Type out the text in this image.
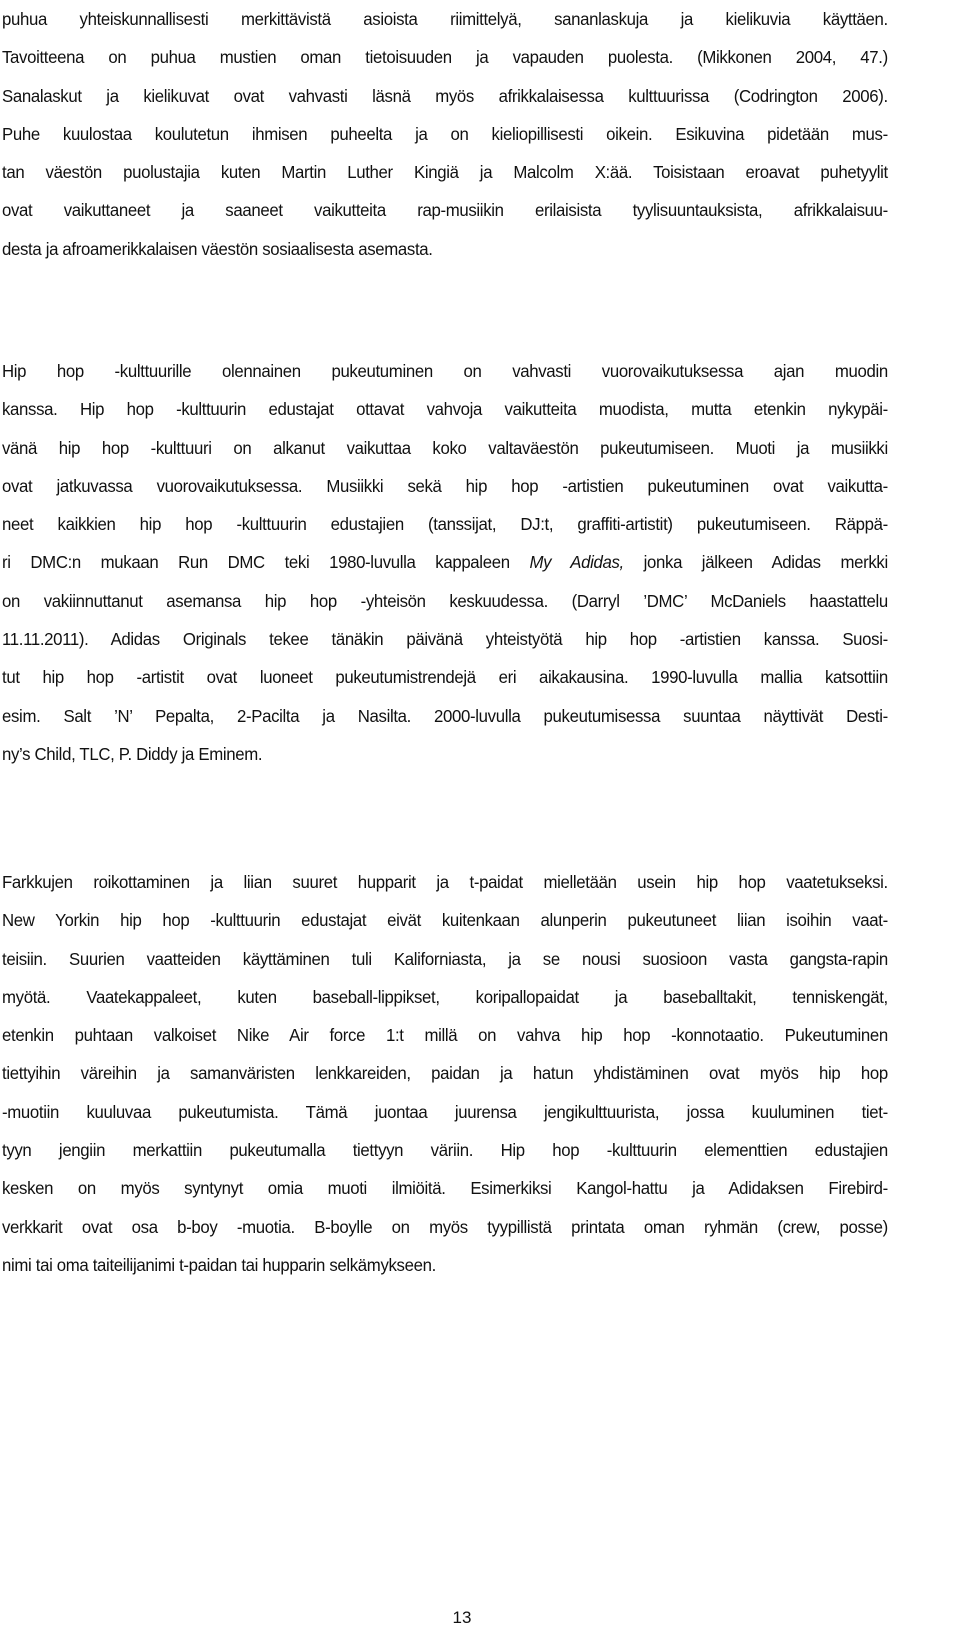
puhua yhteiskunnallisesti merkittävistä asioista riimittelyä, sananlaskuja ja kielikuvia käyttäen.
Tavoitteena on puhua mustien oman tietoisuuden ja vapauden puolesta. (Mikkonen 2004, 47.)
Sanalaskut ja kielikuvat ovat vahvasti läsnä myös afrikkalaisessa kulttuurissa (Codrington 2006).
Puhe kuulostaa koulutetun ihmisen puheelta ja on kieliopillisesti oikein. Esikuvina pidetään mus-
tan väestön puolustajia kuten Martin Luther Kingiä ja Malcolm X:ää. Toisistaan eroavat puhetyylit
ovat vaikuttaneet ja saaneet vaikutteita rap-musiikin erilaisista tyylisuuntauksista, afrikkalaisuu-
desta ja afroamerikkalaisen väestön sosiaalisesta asemasta.
Hip hop -kulttuurille olennainen pukeutuminen on vahvasti vuorovaikutuksessa ajan muodin
kanssa. Hip hop -kulttuurin edustajat ottavat vahvoja vaikutteita muodista, mutta etenkin nykypäi-
vänä hip hop -kulttuuri on alkanut vaikuttaa koko valtaväestön pukeutumiseen. Muoti ja musiikki
ovat jatkuvassa vuorovaikutuksessa. Musiikki sekä hip hop -artistien pukeutuminen ovat vaikutta-
neet kaikkien hip hop -kulttuurin edustajien (tanssijat, DJ:t, graffiti-artistit) pukeutumiseen. Räppä-
ri DMC:n mukaan Run DMC teki 1980-luvulla kappaleen My Adidas, jonka jälkeen Adidas merkki
on vakiinnuttanut asemansa hip hop -yhteisön keskuudessa. (Darryl ’DMC’ McDaniels haastattelu
11.11.2011). Adidas Originals tekee tänäkin päivänä yhteistyötä hip hop -artistien kanssa. Suosi-
tut hip hop -artistit ovat luoneet pukeutumistrendejä eri aikakausina. 1990-luvulla mallia katsottiin
esim. Salt ’N’ Pepalta, 2-Pacilta ja Nasilta. 2000-luvulla pukeutumisessa suuntaa näyttivät Desti-
ny’s Child, TLC, P. Diddy ja Eminem.
Farkkujen roikottaminen ja liian suuret hupparit ja t-paidat mielletään usein hip hop vaatetukseksi.
New Yorkin hip hop -kulttuurin edustajat eivät kuitenkaan alunperin pukeutuneet liian isoihin vaat-
teisiin. Suurien vaatteiden käyttäminen tuli Kaliforniasta, ja se nousi suosioon vasta gangsta-rapin
myötä. Vaatekappaleet, kuten baseball-lippikset, koripallopaidat ja baseballtakit, tenniskengät,
etenkin puhtaan valkoiset Nike Air force 1:t millä on vahva hip hop -konnotaatio. Pukeutuminen
tiettyihin väreihin ja samanväristen lenkkareiden, paidan ja hatun yhdistäminen ovat myös hip hop
-muotiin kuuluvaa pukeutumista. Tämä juontaa juurensa jengikulttuurista, jossa kuuluminen tiet-
tyyn jengiin merkattiin pukeutumalla tiettyyn väriin. Hip hop -kulttuurin elementtien edustajien
kesken on myös syntynyt omia muoti ilmiöitä. Esimerkiksi Kangol-hattu ja Adidaksen Firebird-
verkkarit ovat osa b-boy -muotia. B-boylle on myös tyypillistä printata oman ryhmän (crew, posse)
nimi tai oma taiteilijanimi t-paidan tai hupparin selkämykseen.
13
